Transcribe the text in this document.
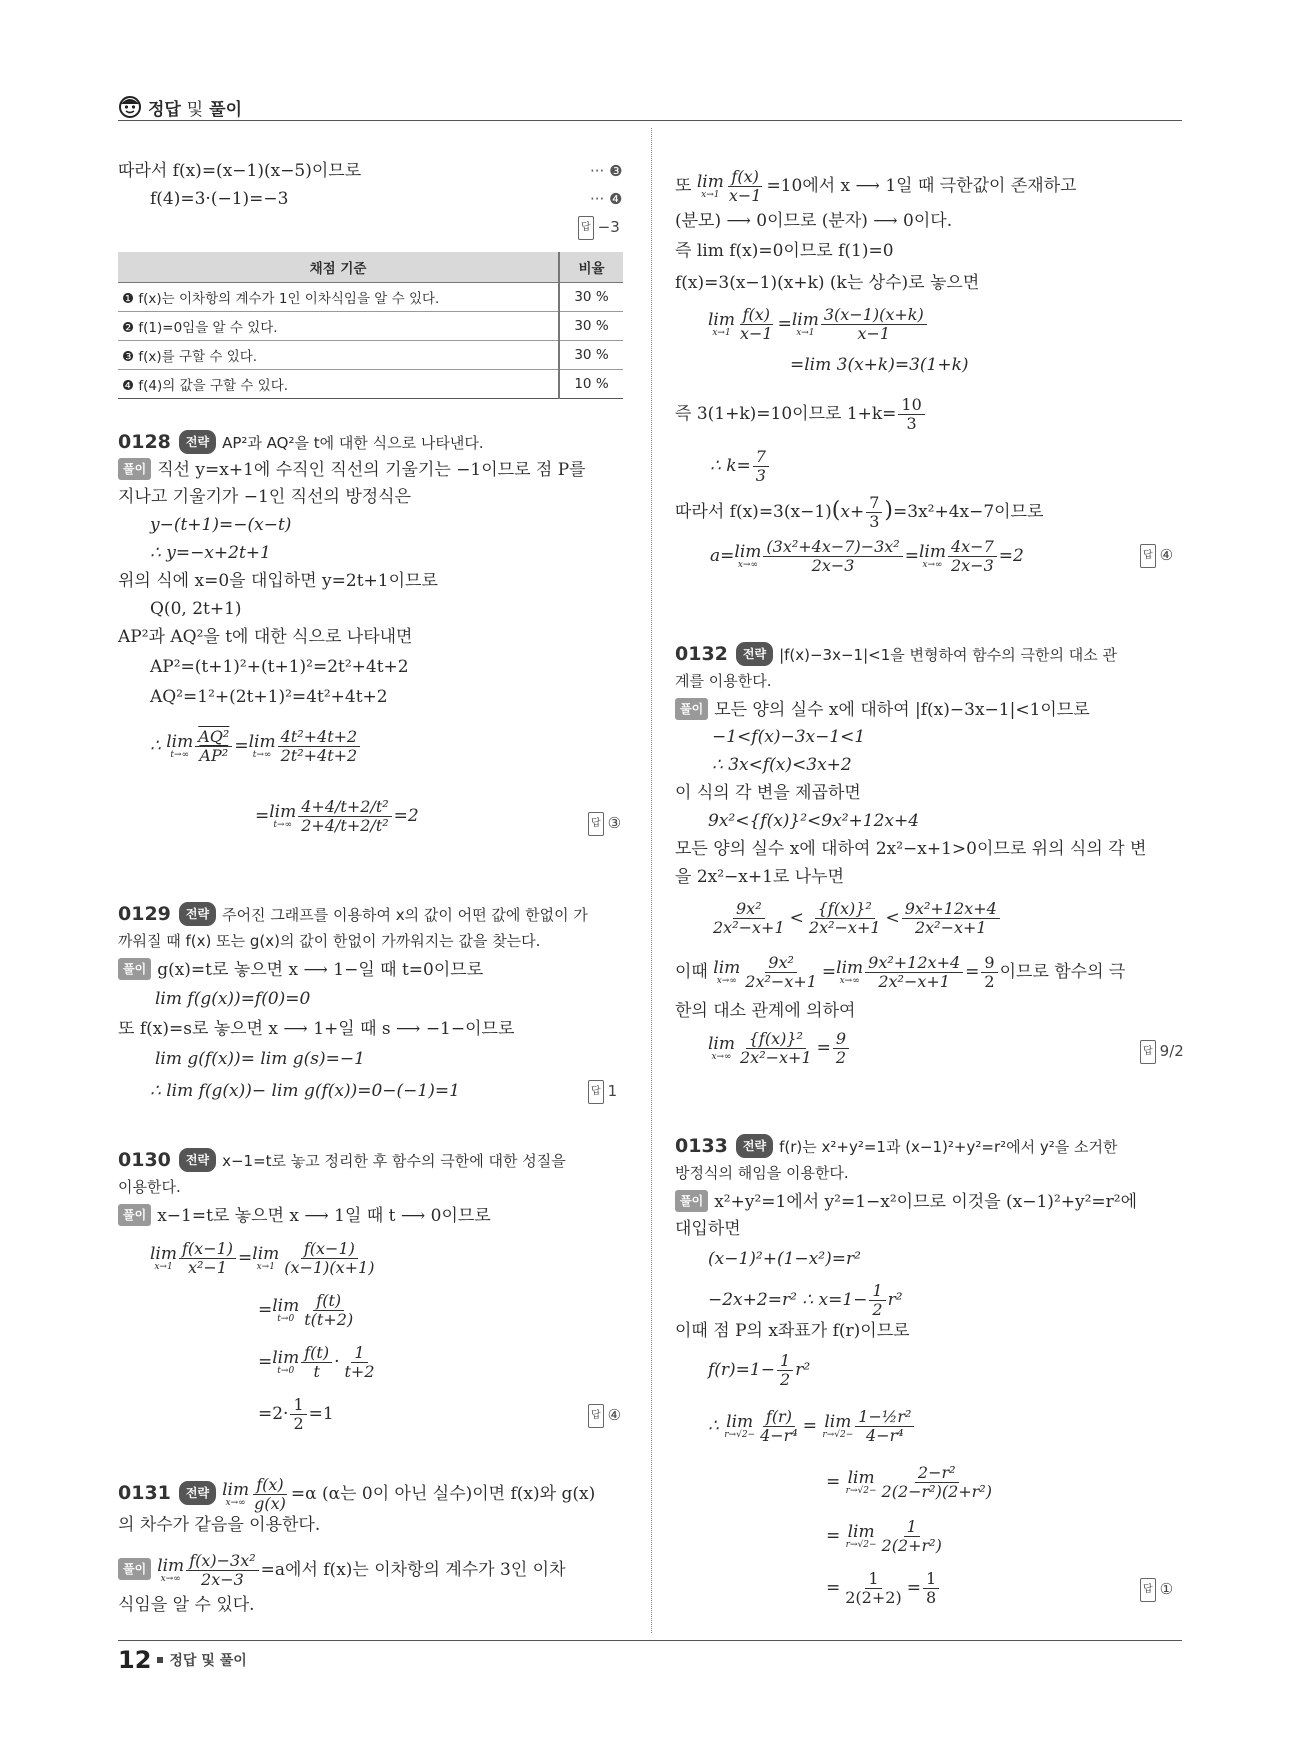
정답 및 풀이
따라서 f(x)=(x−1)(x−5)이므로	··· ❸
f(4)=3·(−1)=−3	··· ❹
답 −3
채점 기준	비율
❶ f(x)는 이차항의 계수가 1인 이차식임을 알 수 있다.	30 %
❷ f(1)=0임을 알 수 있다.	30 %
❸ f(x)를 구할 수 있다.	30 %
❹ f(4)의 값을 구할 수 있다.	10 %
0128 전략 AP²과 AQ²을 t에 대한 식으로 나타낸다.
풀이 직선 y=x+1에 수직인 직선의 기울기는 −1이므로 점 P를
지나고 기울기가 −1인 직선의 방정식은
y−(t+1)=−(x−t)
∴ y=−x+2t+1
위의 식에 x=0을 대입하면 y=2t+1이므로
Q(0, 2t+1)
AP²과 AQ²을 t에 대한 식으로 나타내면
AP²=(t+1)²+(t+1)²=2t²+4t+2
AQ²=1²+(2t+1)²=4t²+4t+2
∴ lim
$t\to\infty \frac{\text{AQ²}}{\text{AP²}} =\lim$
$t\to\infty \frac{\text{4t²+4t+2}}{\text{2t²+4t+2}}$
=lim
$t\to\infty \frac{\text{4+4/t+2/t²}}{\text{2+4/t+2/t²}} =2$	답 ③
0129 전략 주어진 그래프를 이용하여 x의 값이 어떤 값에 한없이 가
까워질 때 f(x) 또는 g(x)의 값이 한없이 가까워지는 값을 찾는다.
풀이 g(x)=t로 놓으면 x ⟶ 1−일 때 t=0이므로
lim f(g(x))=f(0)=0
또 f(x)=s로 놓으면 x ⟶ 1+일 때 s ⟶ −1−이므로
lim g(f(x))= lim g(s)=−1
∴ lim f(g(x))− lim g(f(x))=0−(−1)=1	답 1
0130 전략 x−1=t로 놓고 정리한 후 함수의 극한에 대한 성질을
이용한다.
풀이 x−1=t로 놓으면 x ⟶ 1일 때 t ⟶ 0이므로
lim
$x\to 1 \frac{f(x-1)}{\text{x²−1}} =\lim$
$x\to 1 \frac{f(x-1)}{(x-1)(x+1)}$
=lim
$t\to 0 \frac{f(t)}{t(t+2)}$
=lim
$t\to 0 \frac{f(t)}{t} \cdot \frac{1}{t+2}$
$=2\cdot \frac{1}{2} =1$	답 ④
0131 전략 lim
$x\to\infty \frac{f(x)}{g(x)} =\alpha$ (α는 0이 아닌 실수)이면 f(x)와 g(x)
의 차수가 같음을 이용한다.
풀이 lim
$x\to\infty \frac{\text{f(x)−3x²}}{2x-3} =a$에서 f(x)는 이차항의 계수가 3인 이차
식임을 알 수 있다.
또 lim
$x\to 1 \frac{f(x)}{x-1} =10$에서 x ⟶ 1일 때 극한값이 존재하고
(분모) ⟶ 0이므로 (분자) ⟶ 0이다.
즉 lim f(x)=0이므로 f(1)=0
f(x)=3(x−1)(x+k) (k는 상수)로 놓으면
lim
$x\to 1 \frac{f(x)}{x-1} =\lim$
$x\to 1 \frac{3(x-1)(x+k)}{x-1}$
=lim 3(x+k)=3(1+k)
즉 3(1+k)=10이므로 $1+k= \frac{10}{3}$
∴ $k= \frac{7}{3}$
따라서 $f(x)=3(x-1)(x+ \frac{7}{3} )=3x^2+4x-7$이므로
a=lim
$x\to\infty \frac{\text{(3x²+4x−7)−3x²}}{2x-3} =\lim$
$x\to\infty \frac{4x-7}{2x-3} =2$	답 ④
0132 전략 |f(x)−3x−1|<1을 변형하여 함수의 극한의 대소 관
계를 이용한다.
풀이 모든 양의 실수 x에 대하여 |f(x)−3x−1|<1이므로
−1<f(x)−3x−1<1
∴ 3x<f(x)<3x+2
이 식의 각 변을 제곱하면
9x²<{f(x)}²<9x²+12x+4
모든 양의 실수 x에 대하여 2x²−x+1>0이므로 위의 식의 각 변
을 2x²−x+1로 나누면
$\frac{\text{9x²}}{\text{2x²−x+1}} < \frac{\text{\{f(x)\}²}}{\text{2x²−x+1}} < \frac{\text{9x²+12x+4}}{\text{2x²−x+1}}$
이때 lim
$x\to\infty \frac{\text{9x²}}{\text{2x²−x+1}} =\lim$
$x\to\infty \frac{\text{9x²+12x+4}}{\text{2x²−x+1}} = \frac{9}{2}$ 이므로 함수의 극
한의 대소 관계에 의하여
lim
$x\to\infty \frac{\text{\{f(x)\}²}}{\text{2x²−x+1}} = \frac{9}{2}$	답 9/2
0133 전략 f(r)는 x²+y²=1과 (x−1)²+y²=r²에서 y²을 소거한
방정식의 해임을 이용한다.
풀이 x²+y²=1에서 y²=1−x²이므로 이것을 (x−1)²+y²=r²에
대입하면
(x−1)²+(1−x²)=r²
−2x+2=r² ∴ $x=1- \frac{1}{2} r^2$
이때 점 P의 x좌표가 f(r)이므로
$f(r)=1- \frac{1}{2} r^2$
∴ lim
$r\to√2- \frac{f(r)}{\text{4−r⁴}} = \lim$
$r\to√2- \frac{\text{1−½r²}}{\text{4−r⁴}}$
= lim
$r\to√2- \frac{\text{2−r²}}{\text{2(2−r²)(2+r²)}}$
= lim
$r\to√2- \frac{1}{\text{2(2+r²)}}$
= $\frac{1}{2(2+2)} = \frac{1}{8}$	답 ①
12 정답 및 풀이
